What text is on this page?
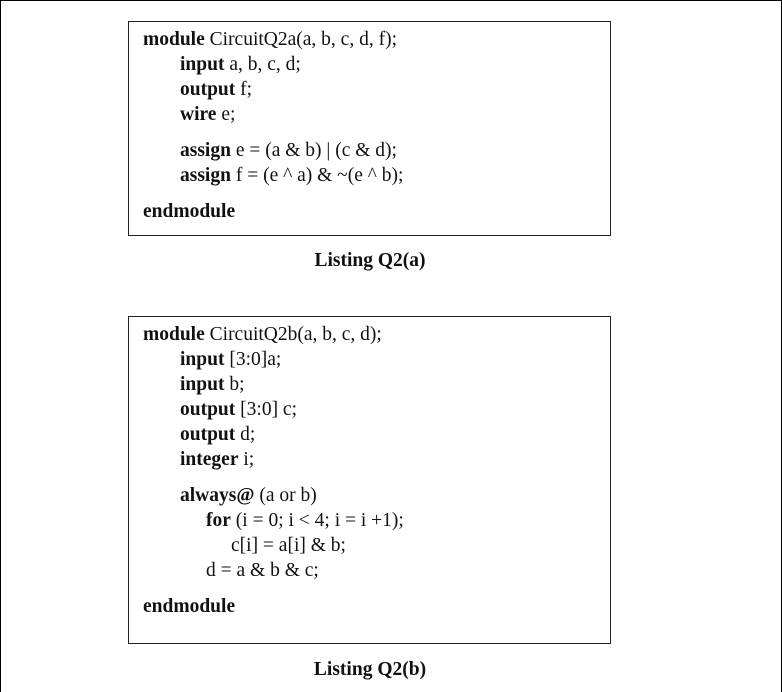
module CircuitQ2a(a, b, c, d, f);
input a, b, c, d;
output f;
wire e;
assign e = (a & b) | (c & d);
assign f = (e ^ a) & ~(e ^ b);
endmodule
Listing Q2(a)
module CircuitQ2b(a, b, c, d);
input [3:0]a;
input b;
output [3:0] c;
output d;
integer i;
always@ (a or b)
for (i = 0; i < 4; i = i +1);
c[i] = a[i] & b;
d = a & b & c;
endmodule
Listing Q2(b)
